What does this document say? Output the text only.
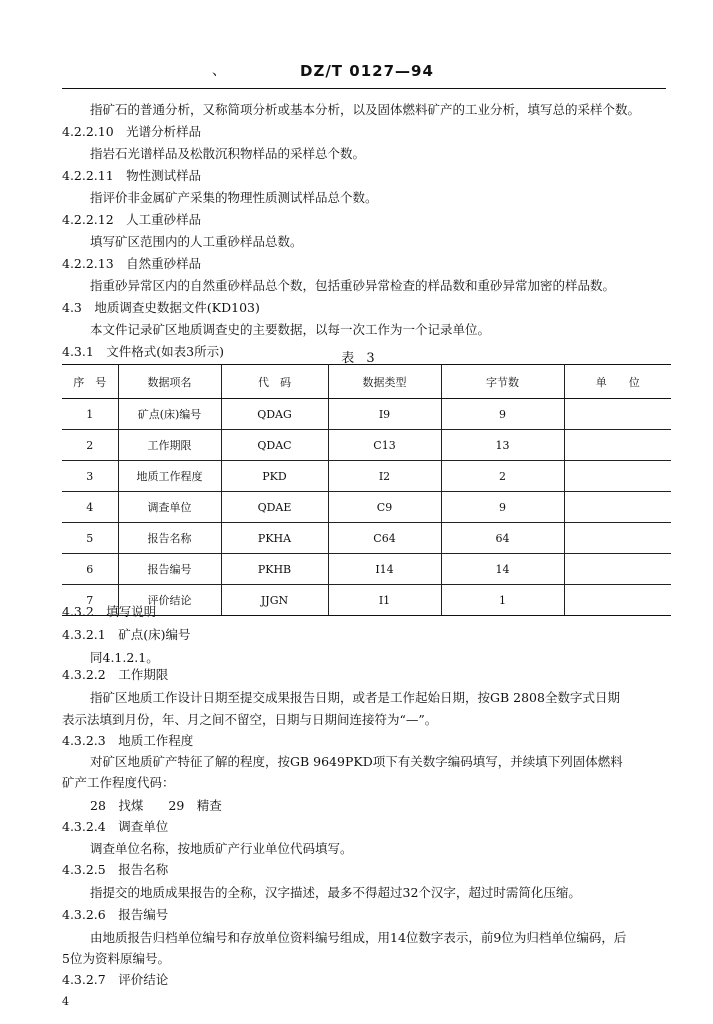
、	DZ/T 0127—94
指矿石的普通分析，又称简项分析或基本分析，以及固体燃料矿产的工业分析，填写总的采样个数。
4.2.2.10　光谱分析样品
指岩石光谱样品及松散沉积物样品的采样总个数。
4.2.2.11　物性测试样品
指评价非金属矿产采集的物理性质测试样品总个数。
4.2.2.12　人工重砂样品
填写矿区范围内的人工重砂样品总数。
4.2.2.13　自然重砂样品
指重砂异常区内的自然重砂样品总个数，包括重砂异常检查的样品数和重砂异常加密的样品数。
4.3　地质调查史数据文件(KD103)
本文件记录矿区地质调查史的主要数据，以每一次工作为一个记录单位。
4.3.1　文件格式(如表3所示)	表 3
序　号	数据项名	代　码	数据类型	字节数	单　　位
1	矿点(床)编号	QDAG	I9	9	
2	工作期限	QDAC	C13	13	
3	地质工作程度	PKD	I2	2	
4	调查单位	QDAE	C9	9	
5	报告名称	PKHA	C64	64	
6	报告编号	PKHB	I14	14	
7	评价结论	JJGN	I1	1	
4.3.2　填写说明
4.3.2.1　矿点(床)编号
同4.1.2.1。
4.3.2.2　工作期限
指矿区地质工作设计日期至提交成果报告日期，或者是工作起始日期，按GB 2808全数字式日期
表示法填到月份，年、月之间不留空，日期与日期间连接符为“—”。
4.3.2.3　地质工作程度
对矿区地质矿产特征了解的程度，按GB 9649PKD项下有关数字编码填写，并续填下列固体燃料
矿产工作程度代码：
28　找煤　　29　精查
4.3.2.4　调查单位
调查单位名称，按地质矿产行业单位代码填写。
4.3.2.5　报告名称
指提交的地质成果报告的全称，汉字描述，最多不得超过32个汉字，超过时需简化压缩。
4.3.2.6　报告编号
由地质报告归档单位编号和存放单位资料编号组成，用14位数字表示，前9位为归档单位编码，后
5位为资料原编号。
4.3.2.7　评价结论
4
